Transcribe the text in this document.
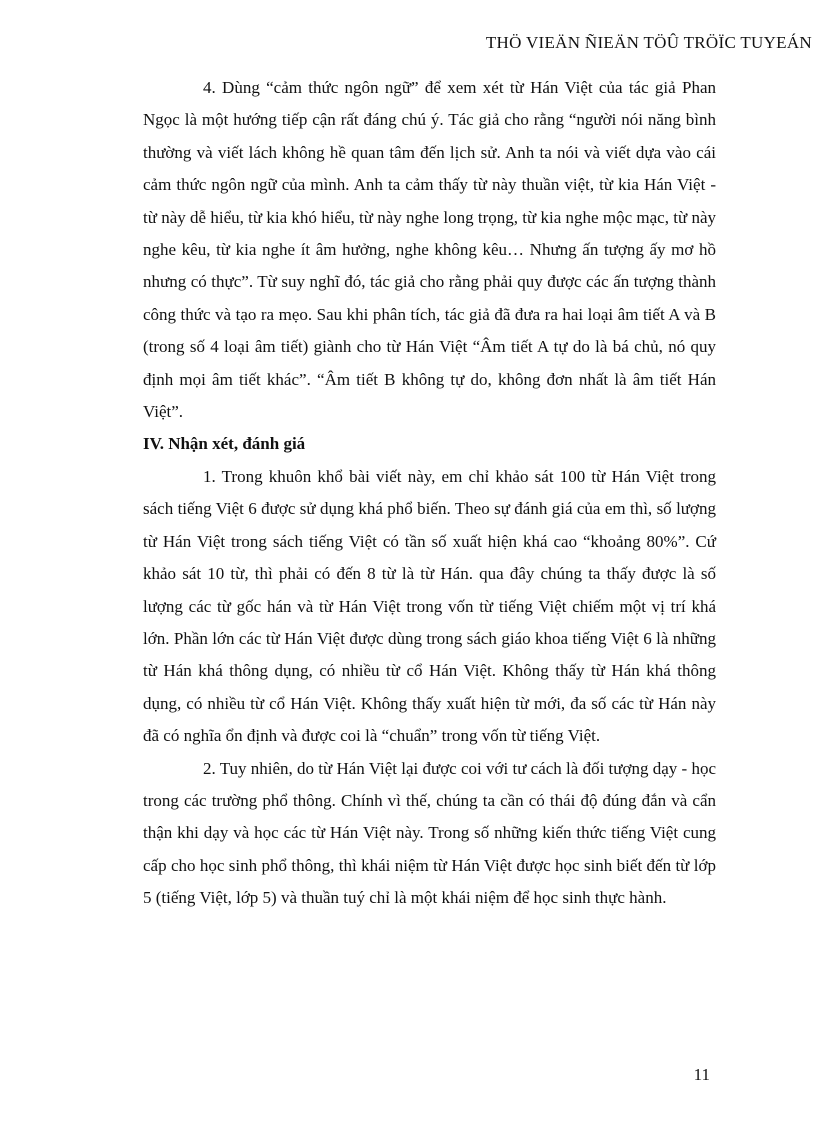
THÖ VIEÄN ÑIEÄN TÖÛ TRÖÏC TUYEÁN

4. Dùng “cảm thức ngôn ngữ” để xem xét từ Hán Việt của tác giả Phan Ngọc là một hướng tiếp cận rất đáng chú ý. Tác giả cho rằng “người nói năng bình thường và viết lách không hề quan tâm đến lịch sử. Anh ta nói và viết dựa vào cái cảm thức ngôn ngữ của mình. Anh ta cảm thấy từ này thuần việt, từ kia Hán Việt - từ này dễ hiểu, từ kia khó hiểu, từ này nghe long trọng, từ kia nghe mộc mạc, từ này nghe kêu, từ kia nghe ít âm hưởng, nghe không kêu… Nhưng ấn tượng ấy mơ hồ nhưng có thực”. Từ suy nghĩ đó, tác giả cho rằng phải quy được các ấn tượng thành công thức và tạo ra mẹo. Sau khi phân tích, tác giả đã đưa ra hai loại âm tiết A và B (trong số 4 loại âm tiết) giành cho từ Hán Việt “Âm tiết A tự do là bá chủ, nó quy định mọi âm tiết khác”. “Âm tiết B không tự do, không đơn nhất là âm tiết Hán Việt”.

IV. Nhận xét, đánh giá

1. Trong khuôn khổ bài viết này, em chỉ khảo sát 100 từ Hán Việt trong sách tiếng Việt 6 được sử dụng khá phổ biến. Theo sự đánh giá của em thì, số lượng từ Hán Việt trong sách tiếng Việt có tần số xuất hiện khá cao “khoảng 80%”. Cứ khảo sát 10 từ, thì phải có đến 8 từ là từ Hán. qua đây chúng ta thấy được là số lượng các từ gốc hán và từ Hán Việt trong vốn từ tiếng Việt chiếm một vị trí khá lớn. Phần lớn các từ Hán Việt được dùng trong sách giáo khoa tiếng Việt 6 là những từ Hán khá thông dụng, có nhiều từ cổ Hán Việt. Không thấy từ Hán khá thông dụng, có nhiều từ cổ Hán Việt. Không thấy xuất hiện từ mới, đa số các từ Hán này đã có nghĩa ổn định và được coi là “chuẩn” trong vốn từ tiếng Việt.

2. Tuy nhiên, do từ Hán Việt lại được coi với tư cách là đối tượng dạy - học trong các trường phổ thông. Chính vì thế, chúng ta cần có thái độ đúng đắn và cẩn thận khi dạy và học các từ Hán Việt này. Trong số những kiến thức tiếng Việt cung cấp cho học sinh phổ thông, thì khái niệm từ Hán Việt được học sinh biết đến từ lớp 5 (tiếng Việt, lớp 5) và thuần tuý chỉ là một khái niệm để học sinh thực hành.

11
